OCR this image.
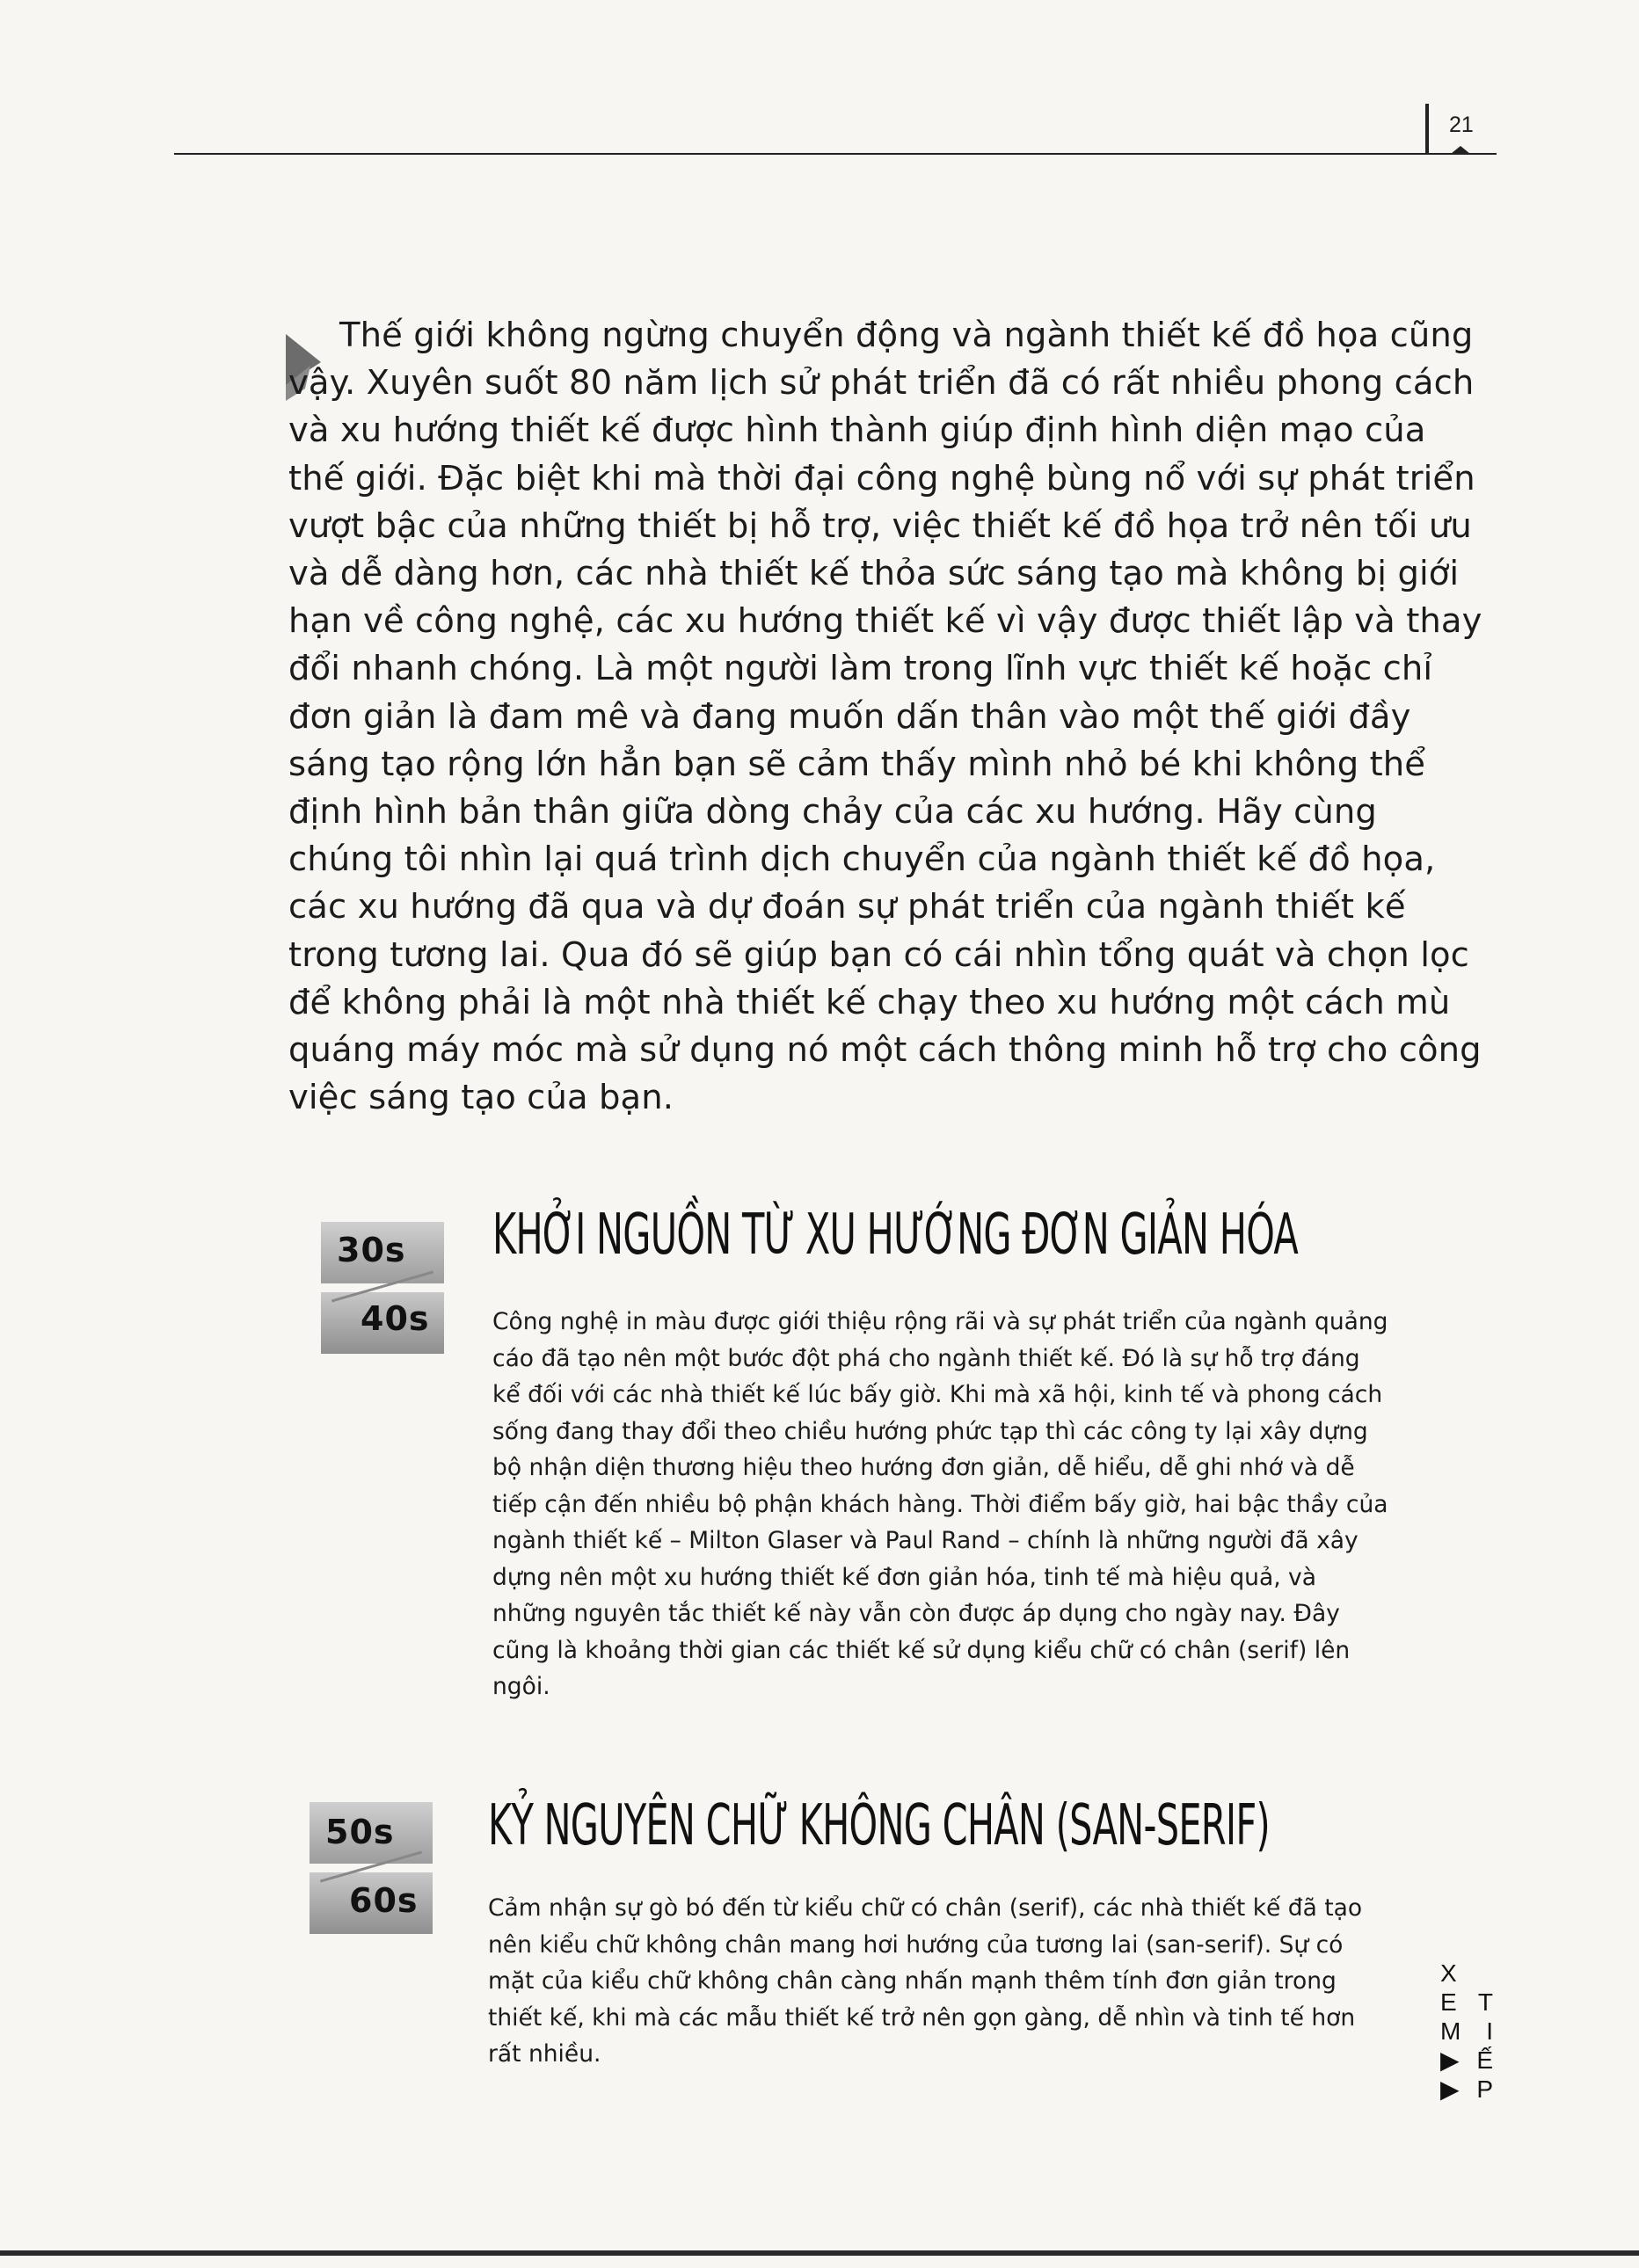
21

Thế giới không ngừng chuyển động và ngành thiết kế đồ họa cũng vậy. Xuyên suốt 80 năm lịch sử phát triển đã có rất nhiều phong cách và xu hướng thiết kế được hình thành giúp định hình diện mạo của thế giới. Đặc biệt khi mà thời đại công nghệ bùng nổ với sự phát triển vượt bậc của những thiết bị hỗ trợ, việc thiết kế đồ họa trở nên tối ưu và dễ dàng hơn, các nhà thiết kế thỏa sức sáng tạo mà không bị giới hạn về công nghệ, các xu hướng thiết kế vì vậy được thiết lập và thay đổi nhanh chóng. Là một người làm trong lĩnh vực thiết kế hoặc chỉ đơn giản là đam mê và đang muốn dấn thân vào một thế giới đầy sáng tạo rộng lớn hẳn bạn sẽ cảm thấy mình nhỏ bé khi không thể định hình bản thân giữa dòng chảy của các xu hướng. Hãy cùng chúng tôi nhìn lại quá trình dịch chuyển của ngành thiết kế đồ họa, các xu hướng đã qua và dự đoán sự phát triển của ngành thiết kế trong tương lai. Qua đó sẽ giúp bạn có cái nhìn tổng quát và chọn lọc để không phải là một nhà thiết kế chạy theo xu hướng một cách mù quáng máy móc mà sử dụng nó một cách thông minh hỗ trợ cho công việc sáng tạo của bạn.

30s
40s
KHỞI NGUỒN TỪ XU HƯỚNG ĐƠN GIẢN HÓA

Công nghệ in màu được giới thiệu rộng rãi và sự phát triển của ngành quảng cáo đã tạo nên một bước đột phá cho ngành thiết kế. Đó là sự hỗ trợ đáng kể đối với các nhà thiết kế lúc bấy giờ. Khi mà xã hội, kinh tế và phong cách sống đang thay đổi theo chiều hướng phức tạp thì các công ty lại xây dựng bộ nhận diện thương hiệu theo hướng đơn giản, dễ hiểu, dễ ghi nhớ và dễ tiếp cận đến nhiều bộ phận khách hàng. Thời điểm bấy giờ, hai bậc thầy của ngành thiết kế – Milton Glaser và Paul Rand – chính là những người đã xây dựng nên một xu hướng thiết kế đơn giản hóa, tinh tế mà hiệu quả, và những nguyên tắc thiết kế này vẫn còn được áp dụng cho ngày nay. Đây cũng là khoảng thời gian các thiết kế sử dụng kiểu chữ có chân (serif) lên ngôi.

50s
60s
KỶ NGUYÊN CHỮ KHÔNG CHÂN (SAN-SERIF)

Cảm nhận sự gò bó đến từ kiểu chữ có chân (serif), các nhà thiết kế đã tạo nên kiểu chữ không chân mang hơi hướng của tương lai (san-serif). Sự có mặt của kiểu chữ không chân càng nhấn mạnh thêm tính đơn giản trong thiết kế, khi mà các mẫu thiết kế trở nên gọn gàng, dễ nhìn và tinh tế hơn rất nhiều.

X
E T
M I
▶ Ế
▶ P
